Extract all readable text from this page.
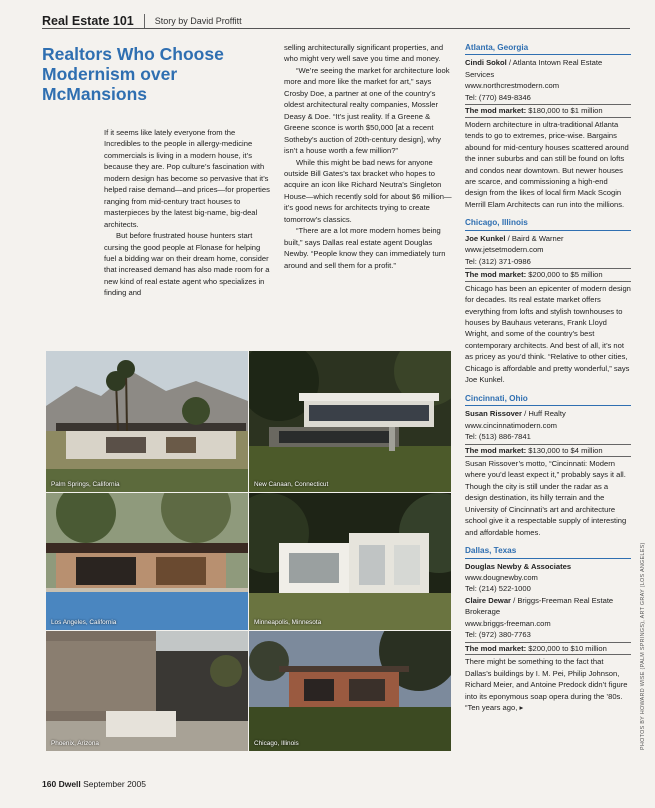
Real Estate 101	Story by David Proffitt
Realtors Who Choose Modernism over McMansions

If it seems like lately everyone from the Incredibles to the people in allergy-medicine commercials is living in a modern house, it’s because they are. Pop culture’s fascination with modern design has become so pervasive that it’s helped raise demand—and prices—for properties ranging from mid-century tract houses to masterpieces by the latest big-name, big-deal architects.

But before frustrated house hunters start cursing the good people at Flonase for helping fuel a bidding war on their dream home, consider that increased demand has also made room for a new kind of real estate agent who specializes in finding and

selling architecturally significant properties, and who might very well save you time and money.

“We’re seeing the market for architecture look more and more like the market for art,” says Crosby Doe, a partner at one of the country’s oldest architectural realty companies, Mossler Deasy & Doe. “It’s just reality. If a Greene & Greene sconce is worth $50,000 [at a recent Sotheby’s auction of 20th-century design], why isn’t a house worth a few million?”

While this might be bad news for anyone outside Bill Gates’s tax bracket who hopes to acquire an icon like Richard Neutra’s Singleton House—which recently sold for about $6 million—it’s good news for architects trying to create tomorrow’s classics.

“There are a lot more modern homes being built,” says Dallas real estate agent Douglas Newby. “People know they can immediately turn around and sell them for a profit.”

Atlanta, Georgia
Cindi Sokol / Atlanta Intown Real Estate Services
www.northcrestmodern.com
Tel: (770) 849-8346
The mod market: $180,000 to $1 million
Modern architecture in ultra-traditional Atlanta tends to go to extremes, price-wise. Bargains abound for mid-century houses scattered around the inner suburbs and can still be found on lofts and condos near downtown. But newer houses are scarce, and commissioning a high-end design from the likes of local firm Mack Scogin Merrill Elam Architects can run into the millions.
Chicago, Illinois
Joe Kunkel / Baird & Warner
www.jetsetmodern.com
Tel: (312) 371-0986
The mod market: $200,000 to $5 million
Chicago has been an epicenter of modern design for decades. Its real estate market offers everything from lofts and stylish townhouses to houses by Bauhaus veterans, Frank Lloyd Wright, and some of the country’s best contemporary architects. And best of all, it’s not as pricey as you’d think. “Relative to other cities, Chicago is affordable and pretty wonderful,” says Joe Kunkel.
Cincinnati, Ohio
Susan Rissover / Huff Realty
www.cincinnatimodern.com
Tel: (513) 886-7841
The mod market: $130,000 to $4 million
Susan Rissover’s motto, “Cincinnati: Modern where you’d least expect it,” probably says it all. Though the city is still under the radar as a design destination, its hilly terrain and the University of Cincinnati’s art and architecture school give it a respectable supply of interesting and affordable homes.
Dallas, Texas
Douglas Newby & Associates
www.dougnewby.com
Tel: (214) 522-1000
Claire Dewar / Briggs-Freeman Real Estate Brokerage
www.briggs-freeman.com
Tel: (972) 380-7763
The mod market: $200,000 to $10 million
There might be something to the fact that Dallas’s buildings by I. M. Pei, Philip Johnson, Richard Meier, and Antoine Predock didn’t figure into its eponymous soap opera during the ’80s. “Ten years ago, ▸
Palm Springs, California	New Canaan, Connecticut
Los Angeles, California	Minneapolis, Minnesota
Phoenix, Arizona	Chicago, Illinois	PHOTOS BY HOWARD WISE (PALM SPRINGS), ART GRAY (LOS ANGELES)
160 Dwell September 2005
